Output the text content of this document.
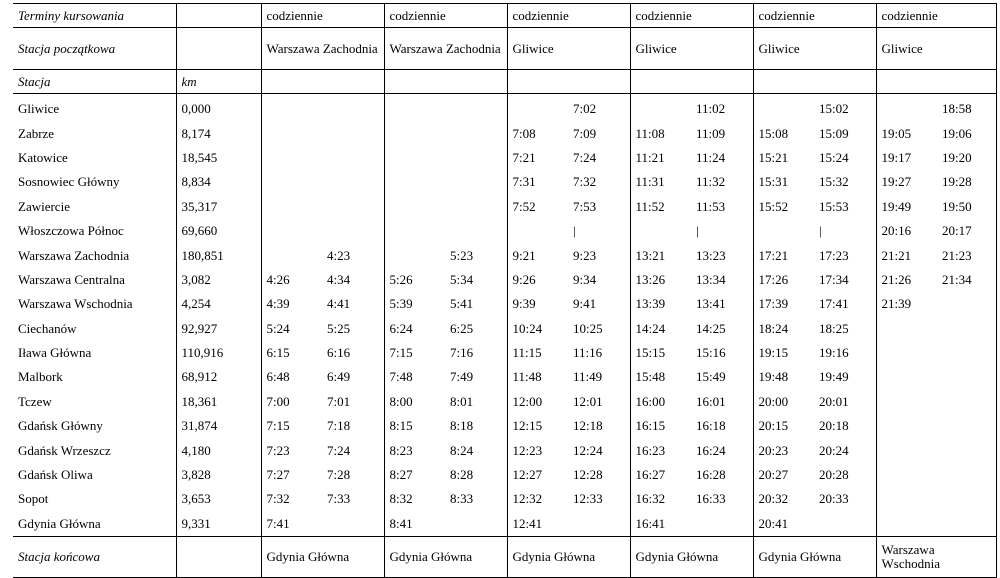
Terminy kursowania		codziennie		codziennie		codziennie		codziennie		codziennie		codziennie	
Stacja początkowa		Warszawa Zachodnia		Warszawa Zachodnia		Gliwice		Gliwice		Gliwice		Gliwice	
Stacja	km												
Gliwice	0,000						7:02		11:02		15:02		18:58
Zabrze	8,174					7:08	7:09	11:08	11:09	15:08	15:09	19:05	19:06
Katowice	18,545					7:21	7:24	11:21	11:24	15:21	15:24	19:17	19:20
Sosnowiec Główny	8,834					7:31	7:32	11:31	11:32	15:31	15:32	19:27	19:28
Zawiercie	35,317					7:52	7:53	11:52	11:53	15:52	15:53	19:49	19:50
Włoszczowa Północ	69,660						|		|		|	20:16	20:17
Warszawa Zachodnia	180,851		4:23		5:23	9:21	9:23	13:21	13:23	17:21	17:23	21:21	21:23
Warszawa Centralna	3,082	4:26	4:34	5:26	5:34	9:26	9:34	13:26	13:34	17:26	17:34	21:26	21:34
Warszawa Wschodnia	4,254	4:39	4:41	5:39	5:41	9:39	9:41	13:39	13:41	17:39	17:41	21:39	
Ciechanów	92,927	5:24	5:25	6:24	6:25	10:24	10:25	14:24	14:25	18:24	18:25		
Iława Główna	110,916	6:15	6:16	7:15	7:16	11:15	11:16	15:15	15:16	19:15	19:16		
Malbork	68,912	6:48	6:49	7:48	7:49	11:48	11:49	15:48	15:49	19:48	19:49		
Tczew	18,361	7:00	7:01	8:00	8:01	12:00	12:01	16:00	16:01	20:00	20:01		
Gdańsk Główny	31,874	7:15	7:18	8:15	8:18	12:15	12:18	16:15	16:18	20:15	20:18		
Gdańsk Wrzeszcz	4,180	7:23	7:24	8:23	8:24	12:23	12:24	16:23	16:24	20:23	20:24		
Gdańsk Oliwa	3,828	7:27	7:28	8:27	8:28	12:27	12:28	16:27	16:28	20:27	20:28		
Sopot	3,653	7:32	7:33	8:32	8:33	12:32	12:33	16:32	16:33	20:32	20:33		
Gdynia Główna	9,331	7:41		8:41		12:41		16:41		20:41			
Stacja końcowa		Gdynia Główna		Gdynia Główna		Gdynia Główna		Gdynia Główna		Gdynia Główna		Warszawa Wschodnia	
